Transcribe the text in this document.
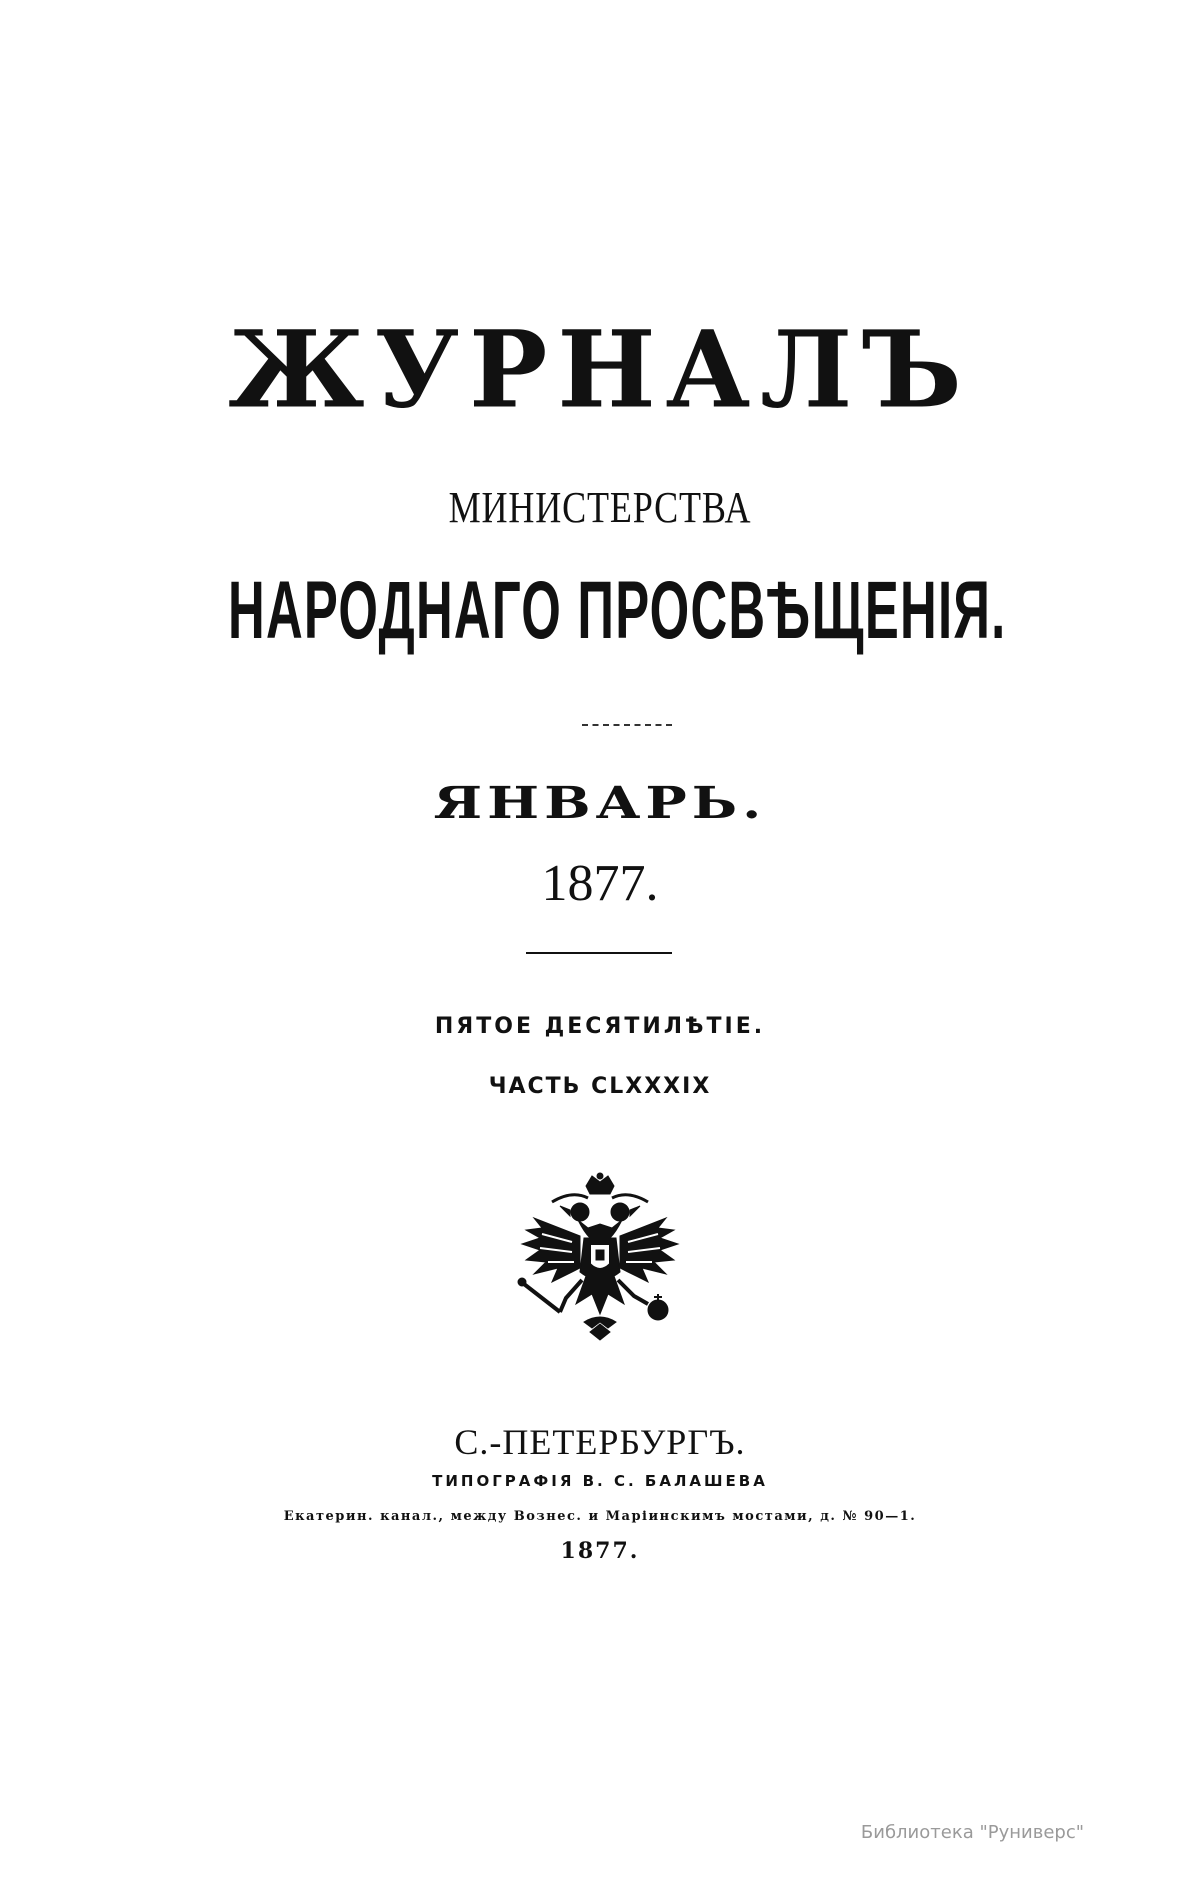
ЖУРНАЛЪ
МИНИСТЕРСТВА
НАРОДНАГО ПРОСВѢЩЕНІЯ.
ЯНВАРЬ.
1877.
ПЯТОЕ ДЕСЯТИЛѢТІЕ.
ЧАСТЬ CLXXXIX
С.-ПЕТЕРБУРГЪ.
ТИПОГРАФІЯ В. С. БАЛАШЕВА
Екатерин. канал., между Вознес. и Маріинскимъ мостами, д. № 90—1.
1877.
Библиотека "Руниверс"
